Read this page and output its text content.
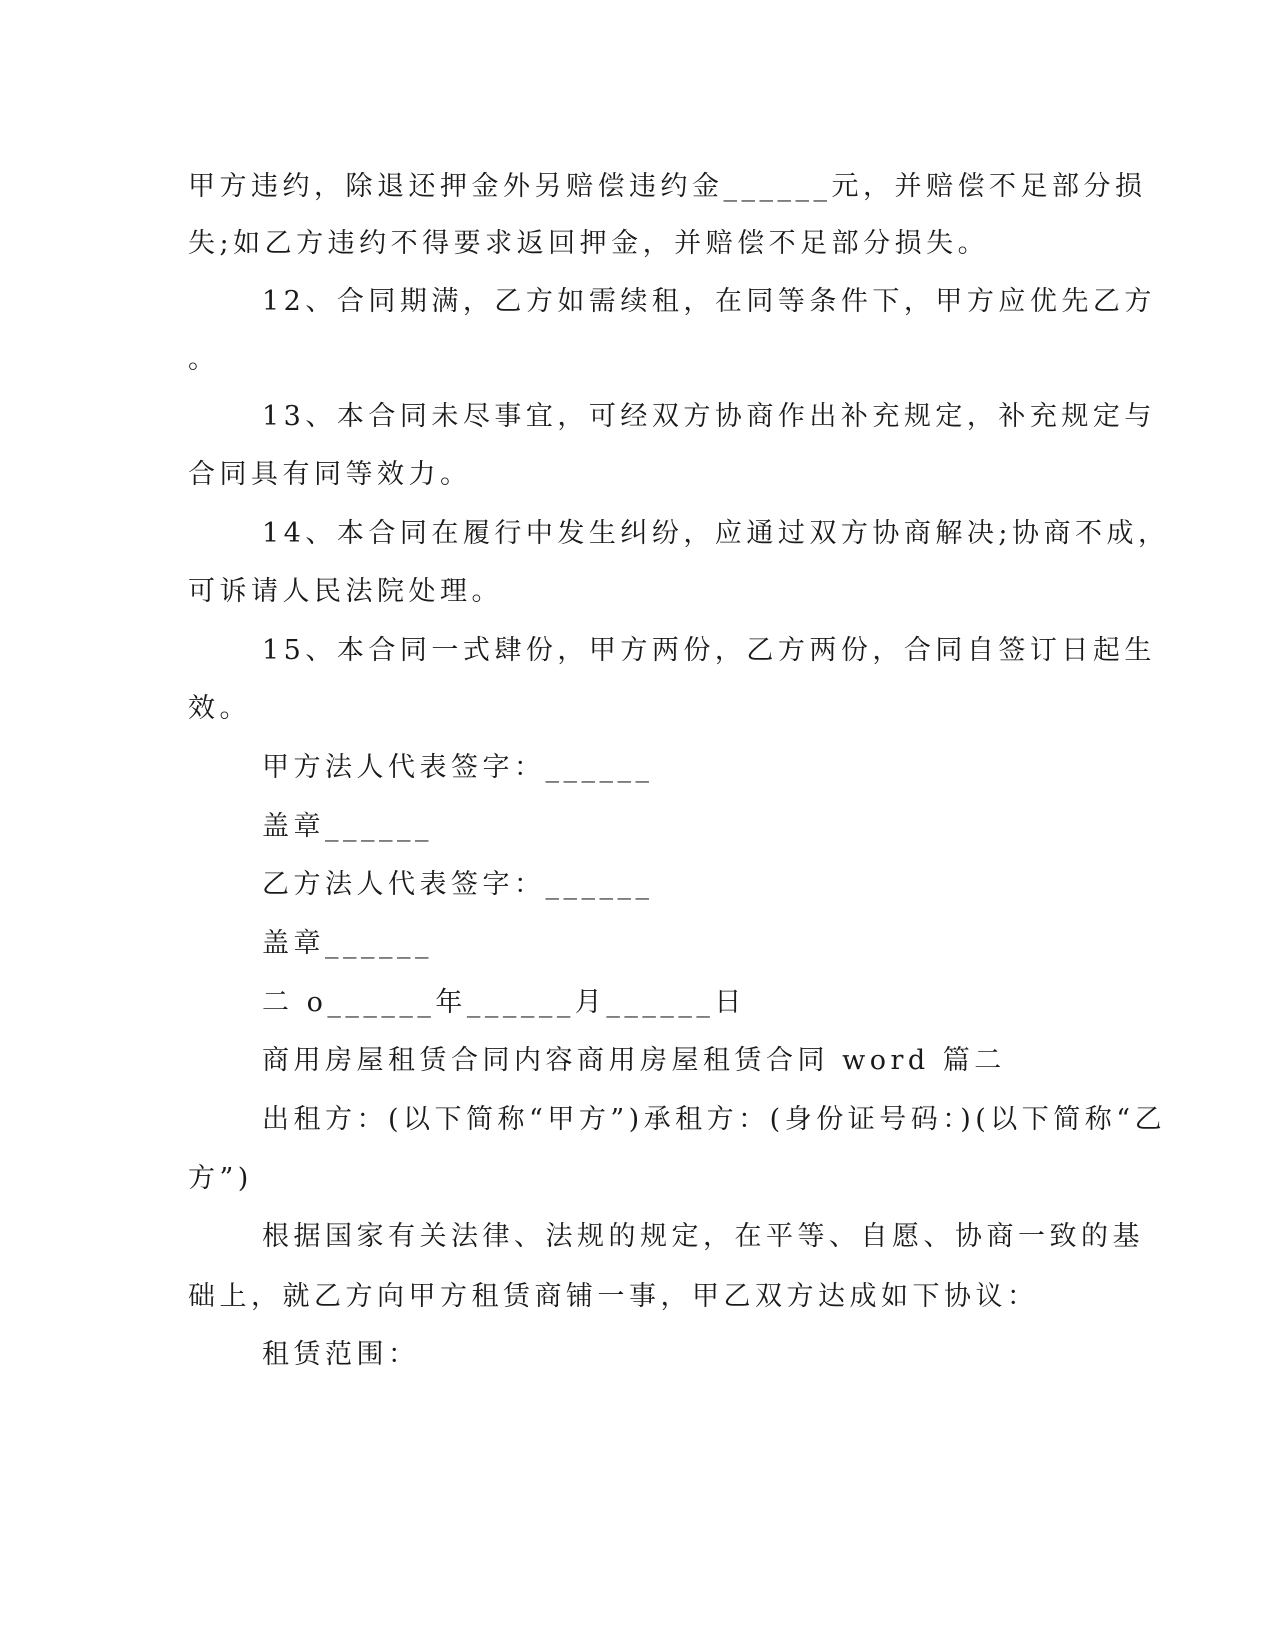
甲方违约，除退还押金外另赔偿违约金______元，并赔偿不足部分损
失;如乙方违约不得要求返回押金，并赔偿不足部分损失。
12、合同期满，乙方如需续租，在同等条件下，甲方应优先乙方
。
13、本合同未尽事宜，可经双方协商作出补充规定，补充规定与
合同具有同等效力。
14、本合同在履行中发生纠纷，应通过双方协商解决;协商不成，
可诉请人民法院处理。
15、本合同一式肆份，甲方两份，乙方两份，合同自签订日起生
效。
甲方法人代表签字：______
盖章______
乙方法人代表签字：______
盖章______
二 o______年______月______日
商用房屋租赁合同内容商用房屋租赁合同 word 篇二
出租方：(以下简称“甲方”)承租方：(身份证号码：)(以下简称“乙
方”)
根据国家有关法律、法规的规定，在平等、自愿、协商一致的基
础上，就乙方向甲方租赁商铺一事，甲乙双方达成如下协议：
租赁范围：
